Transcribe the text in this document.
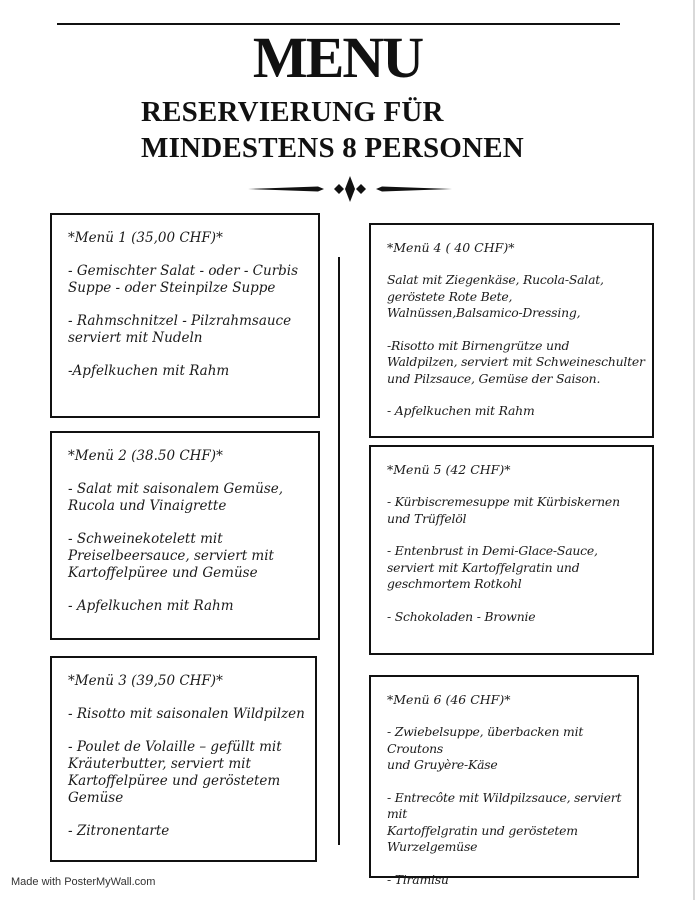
MENU
RESERVIERUNG FÜR
MINDESTENS 8 PERSONEN
*Menü 1 (35,00 CHF)*
- Gemischter Salat - oder - Curbis
Suppe - oder Steinpilze Suppe
- Rahmschnitzel - Pilzrahmsauce
serviert mit Nudeln
-Apfelkuchen mit Rahm
*Menü 2 (38.50 CHF)*
- Salat mit saisonalem Gemüse,
Rucola und Vinaigrette
- Schweinekotelett mit
Preiselbeersauce, serviert mit
Kartoffelpüree und Gemüse
- Apfelkuchen mit Rahm
*Menü 3 (39,50 CHF)*
- Risotto mit saisonalen Wildpilzen
- Poulet de Volaille – gefüllt mit
Kräuterbutter, serviert mit
Kartoffelpüree und geröstetem
Gemüse
- Zitronentarte
*Menü 4 ( 40 CHF)*
Salat mit Ziegenkäse, Rucola-Salat,
geröstete Rote Bete,
Walnüssen,Balsamico-Dressing,
-Risotto mit Birnengrütze und
Waldpilzen, serviert mit Schweineschulter
und Pilzsauce, Gemüse der Saison.
- Apfelkuchen mit Rahm
*Menü 5 (42 CHF)*
- Kürbiscremesuppe mit Kürbiskernen
und Trüffelöl
- Entenbrust in Demi-Glace-Sauce,
serviert mit Kartoffelgratin und
geschmortem Rotkohl
- Schokoladen - Brownie
*Menü 6 (46 CHF)*
- Zwiebelsuppe, überbacken mit Croutons
und Gruyère-Käse
- Entrecôte mit Wildpilzsauce, serviert mit
Kartoffelgratin und geröstetem
Wurzelgemüse
- Tiramisu
Made with PosterMyWall.com
